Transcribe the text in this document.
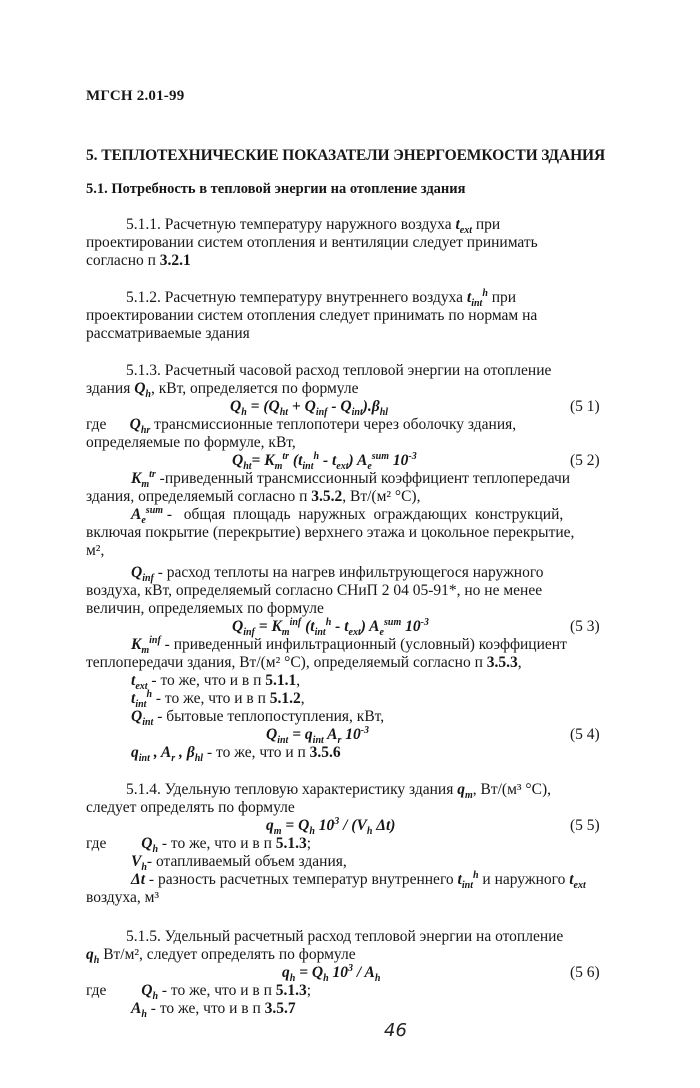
МГСН 2.01-99
5. ТЕПЛОТЕХНИЧЕСКИЕ ПОКАЗАТЕЛИ ЭНЕРГОЕМКОСТИ ЗДАНИЯ
5.1. Потребность в тепловой энергии на отопление здания
5.1.1. Расчетную температуру наружного воздуха $t_{ext}$ при
проектировании систем отопления и вентиляции следует принимать
согласно п 3.2.1
5.1.2. Расчетную температуру внутреннего воздуха $t_{int}^h$ при
проектировании систем отопления следует принимать по нормам на
рассматриваемые здания
5.1.3. Расчетный часовой расход тепловой энергии на отопление
здания $Q_h$, кВт, определяется по формуле
$Q_h = (Q_{ht} + Q_{inf} - Q_{int}).\beta_{hl}$	(5 1)
где $Q_{hr}$ трансмиссионные теплопотери через оболочку здания,
определяемые по формуле, кВт,
$Q_{ht}= K_m^{tr}$ $(t_{int}^h - t_{ext})$ $A_e^{sum}$ $10^{-3}$	(5 2)
$K_m^{tr}$ -приведенный трансмиссионный коэффициент теплопередачи
здания, определяемый согласно п 3.5.2, Вт/(м² °С),
$A_e^{sum}$ -   общая  площадь  наружных  ограждающих  конструкций,
включая покрытие (перекрытие) верхнего этажа и цокольное перекрытие,
м²,
$Q_{inf}$ - расход теплоты на нагрев инфильтрующегося наружного
воздуха, кВт, определяемый согласно СНиП 2 04 05-91*, но не менее
величин, определяемых по формуле
$Q_{inf} = K_m^{inf}$ $(t_{int}^h - t_{ext})$ $A_e^{sum}$ $10^{-3}$	(5 3)
$K_m^{inf}$ - приведенный инфильтрационный (условный) коэффициент
теплопередачи здания, Вт/(м² °С), определяемый согласно п 3.5.3,
$t_{ext}$ - то же, что и в п 5.1.1,
$t_{int}^h$ - то же, что и в п 5.1.2,
$Q_{int}$ - бытовые теплопоступления, кВт,
$Q_{int} = q_{int}$ $A_r$ $10^{-3}$	(5 4)
$q_{int}$ , $A_r$ , $\beta_{hl}$ - то же, что и п 3.5.6
5.1.4. Удельную тепловую характеристику здания $q_m$, Вт/(м³ °С),
следует определять по формуле
$q_m = Q_h$ $10^3 / (V_h$ Δt)	(5 5)
где $Q_h$ - то же, что и в п 5.1.3;
$V_h-$ отапливаемый объем здания,
Δt - разность расчетных температур внутреннего $t_{int}^h$ и наружного $t_{ext}$
воздуха, м³
5.1.5. Удельный расчетный расход тепловой энергии на отопление
$q_h$ Вт/м², следует определять по формуле
$q_h = Q_h$ $10^3 / A_h$	(5 6)
где $Q_h$ - то же, что и в п 5.1.3;
$A_h$ - то же, что и в п 3.5.7
46
